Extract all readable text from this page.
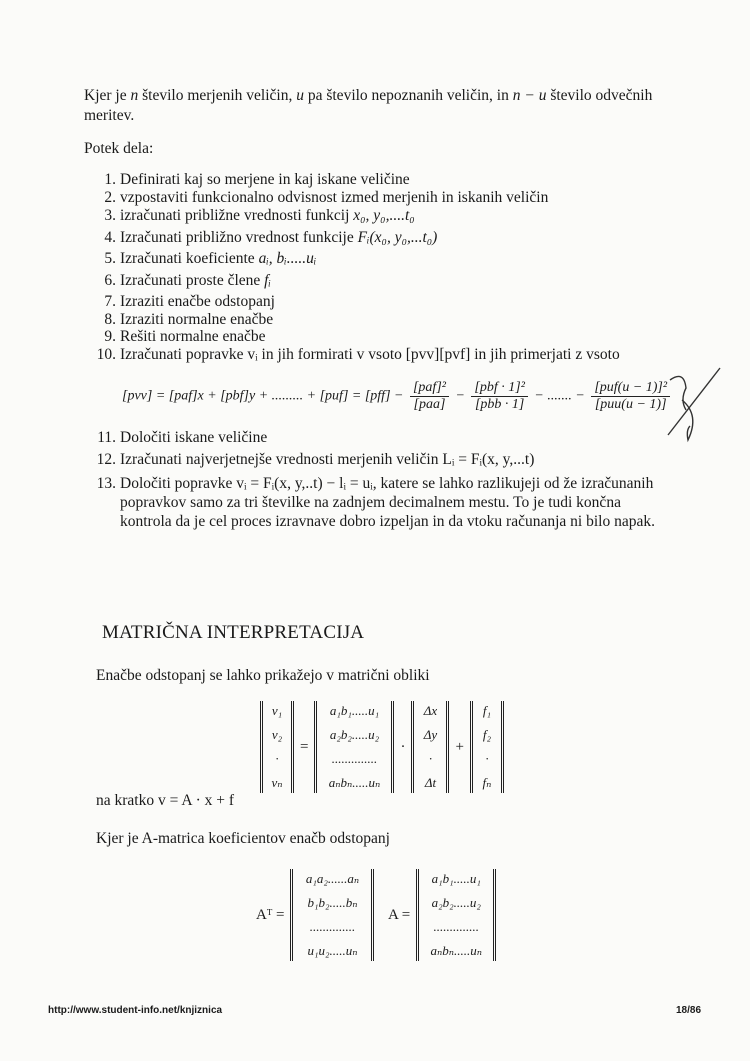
Kjer je n število merjenih veličin, u pa število nepoznanih veličin, in n − u število odvečnih meritev.
Potek dela:
1. Definirati kaj so merjene in kaj iskane veličine
2. vzpostaviti funkcionalno odvisnost izmed merjenih in iskanih veličin
3. izračunati približne vrednosti funkcij x₀, y₀,....t₀
4. Izračunati približno vrednost funkcije Fᵢ(x₀, y₀,...t₀)
5. Izračunati koeficiente aᵢ, bᵢ.....uᵢ
6. Izračunati proste člene fᵢ
7. Izraziti enačbe odstopanj
8. Izraziti normalne enačbe
9. Rešiti normalne enačbe
10. Izračunati popravke vᵢ in jih formirati v vsoto [pvv][pvf] in jih primerjati z vsoto
11. Določiti iskane veličine
12. Izračunati najverjetnejše vrednosti merjenih veličin Lᵢ = Fᵢ(x, y,...t)
13. Določiti popravke vᵢ = Fᵢ(x, y,..t) − lᵢ = uᵢ, katere se lahko razlikujeji od že izračunanih popravkov samo za tri številke na zadnjem decimalnem mestu. To je tudi končna kontrola da je cel proces izravnave dobro izpeljan in da vtoku računanja ni bilo napak.
[pvv] = [paf]x + [pbf]y + ......... + $[puf] = [pff] - \frac{\text{[paf]²}}{\text{[paa]}} - \frac{\text{[pbf · 1]²}}{\text{[pbb · 1]}}$ − ....... − $\frac{\text{[puf(u − 1)]²}}{\text{[puu(u − 1)]}}$
MATRIČNA INTERPRETACIJA
Enačbe odstopanj se lahko prikažejo v matrični obliki
v₁
v₂
·
vₙ
=
a₁b₁.....u₁
a₂b₂.....u₂
..............
aₙbₙ.....uₙ
·
Δx
Δy
·
Δt
+
f₁
f₂
·
fₙ
na kratko v = A · x + f
Kjer je A-matrica koeficientov enačb odstopanj
Aᵀ =
a₁a₂......aₙ
b₁b₂.....bₙ
..............
u₁u₂.....uₙ
A =
a₁b₁.....u₁
a₂b₂.....u₂
..............
aₙbₙ.....uₙ
http://www.student-info.net/knjiznica	18/86
